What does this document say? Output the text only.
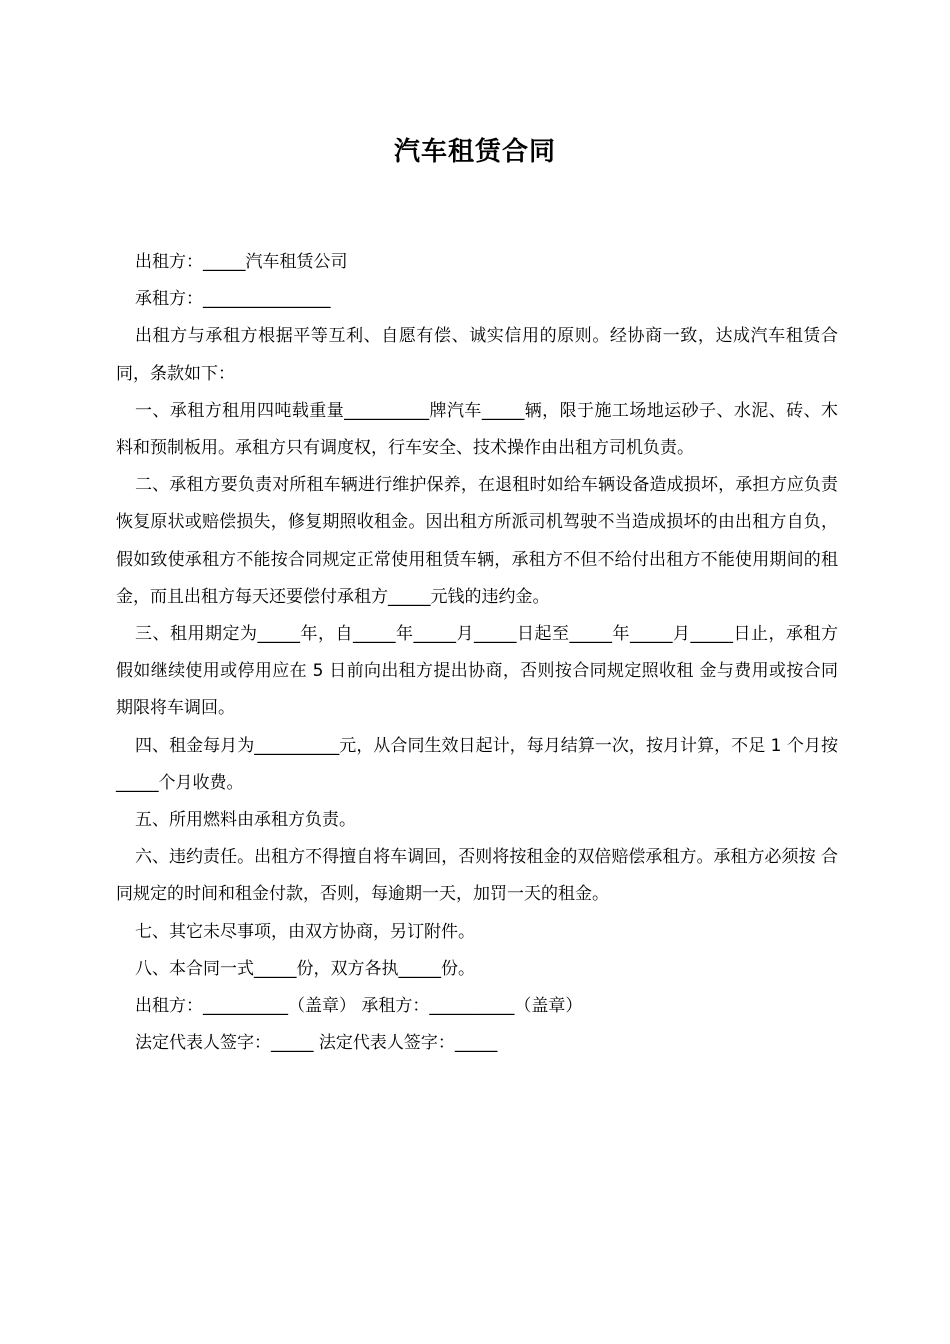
汽车租赁合同

出租方：_____汽车租赁公司

承租方：_______________

出租方与承租方根据平等互利、自愿有偿、诚实信用的原则。经协商一致，达成汽车租赁合同，条款如下：

一、承租方租用四吨载重量__________牌汽车_____辆，限于施工场地运砂子、水泥、砖、木料和预制板用。承租方只有调度权，行车安全、技术操作由出租方司机负责。

二、承租方要负责对所租车辆进行维护保养，在退租时如给车辆设备造成损坏，承担方应负责恢复原状或赔偿损失，修复期照收租金。因出租方所派司机驾驶不当造成损坏的由出租方自负，假如致使承租方不能按合同规定正常使用租赁车辆，承租方不但不给付出租方不能使用期间的租金，而且出租方每天还要偿付承租方_____元钱的违约金。

三、租用期定为_____年，自_____年_____月_____日起至_____年_____月_____日止，承租方假如继续使用或停用应在 5 日前向出租方提出协商，否则按合同规定照收租 金与费用或按合同期限将车调回。

四、租金每月为__________元，从合同生效日起计，每月结算一次，按月计算，不足 1 个月按_____个月收费。

五、所用燃料由承租方负责。

六、违约责任。出租方不得擅自将车调回，否则将按租金的双倍赔偿承租方。承租方必须按 合同规定的时间和租金付款，否则，每逾期一天，加罚一天的租金。

七、其它未尽事项，由双方协商，另订附件。

八、本合同一式_____份，双方各执_____份。

出租方：__________（盖章） 承租方：__________（盖章）

法定代表人签字：_____ 法定代表人签字：_____
